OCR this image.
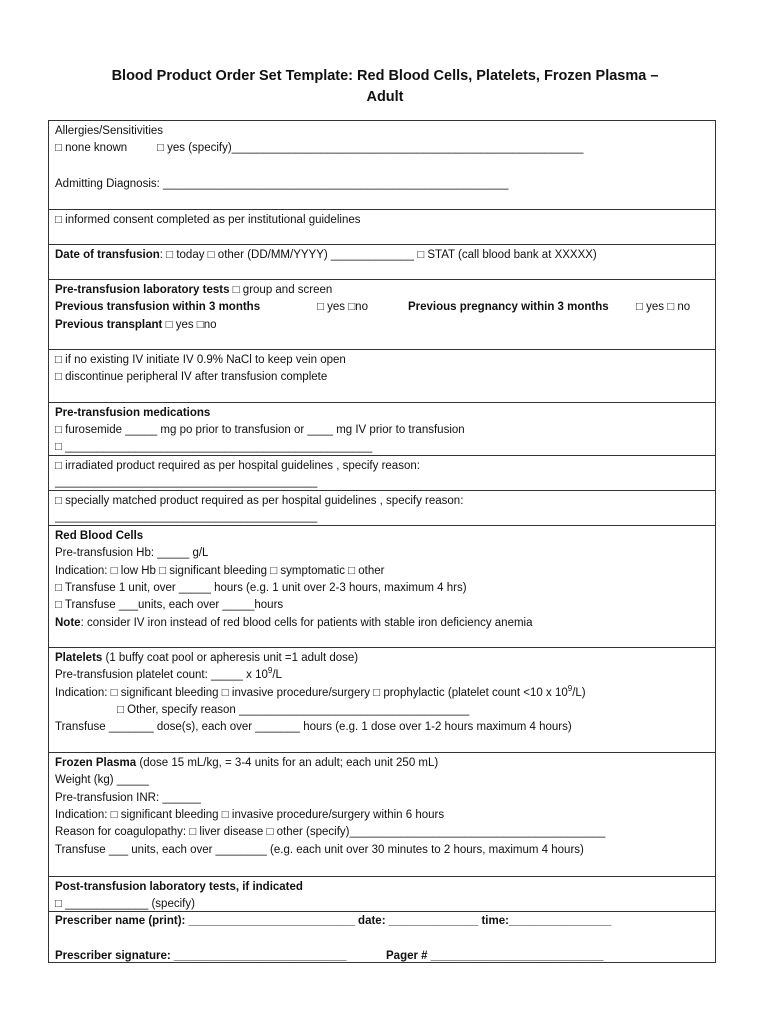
Blood Product Order Set Template: Red Blood Cells, Platelets, Frozen Plasma –
Adult
Allergies/Sensitivities
□ none known	□ yes (specify)_______________________________________________________
Admitting Diagnosis: ______________________________________________________
□ informed consent completed as per institutional guidelines
Date of transfusion: □ today □ other (DD/MM/YYYY) _____________ □ STAT (call blood bank at XXXXX)
Pre-transfusion laboratory tests □ group and screen
Previous transfusion within 3 months	□ yes □no	Previous pregnancy within 3 months □ yes □ no
Previous transplant □ yes □no
□ if no existing IV initiate IV 0.9% NaCl to keep vein open
□ discontinue peripheral IV after transfusion complete
Pre-transfusion medications
□ furosemide _____ mg po prior to transfusion or ____ mg IV prior to transfusion
□ ________________________________________________
□ irradiated product required as per hospital guidelines , specify reason:
_________________________________________
□ specially matched product required as per hospital guidelines , specify reason:
_________________________________________
Red Blood Cells
Pre-transfusion Hb: _____ g/L
Indication: □ low Hb □ significant bleeding □ symptomatic □ other
□ Transfuse 1 unit, over _____ hours (e.g. 1 unit over 2-3 hours, maximum 4 hrs)
□ Transfuse ___units, each over _____hours
Note: consider IV iron instead of red blood cells for patients with stable iron deficiency anemia
Platelets (1 buffy coat pool or apheresis unit =1 adult dose)
Pre-transfusion platelet count: _____ x $10^9/L$
Indication: □ significant bleeding □ invasive procedure/surgery □ prophylactic (platelet count <10 x $10^9/L$)
□ Other, specify reason ____________________________________
Transfuse _______ dose(s), each over _______ hours (e.g. 1 dose over 1-2 hours maximum 4 hours)
Frozen Plasma (dose 15 mL/kg, = 3-4 units for an adult; each unit 250 mL)
Weight (kg) _____
Pre-transfusion INR: ______
Indication: □ significant bleeding □ invasive procedure/surgery within 6 hours
Reason for coagulopathy: □ liver disease □ other (specify)________________________________________
Transfuse ___ units, each over ________ (e.g. each unit over 30 minutes to 2 hours, maximum 4 hours)
Post-transfusion laboratory tests, if indicated
□ _____________ (specify)
Prescriber name (print): __________________________ date: ______________ time:________________
Prescriber signature: ___________________________	Pager # ___________________________
